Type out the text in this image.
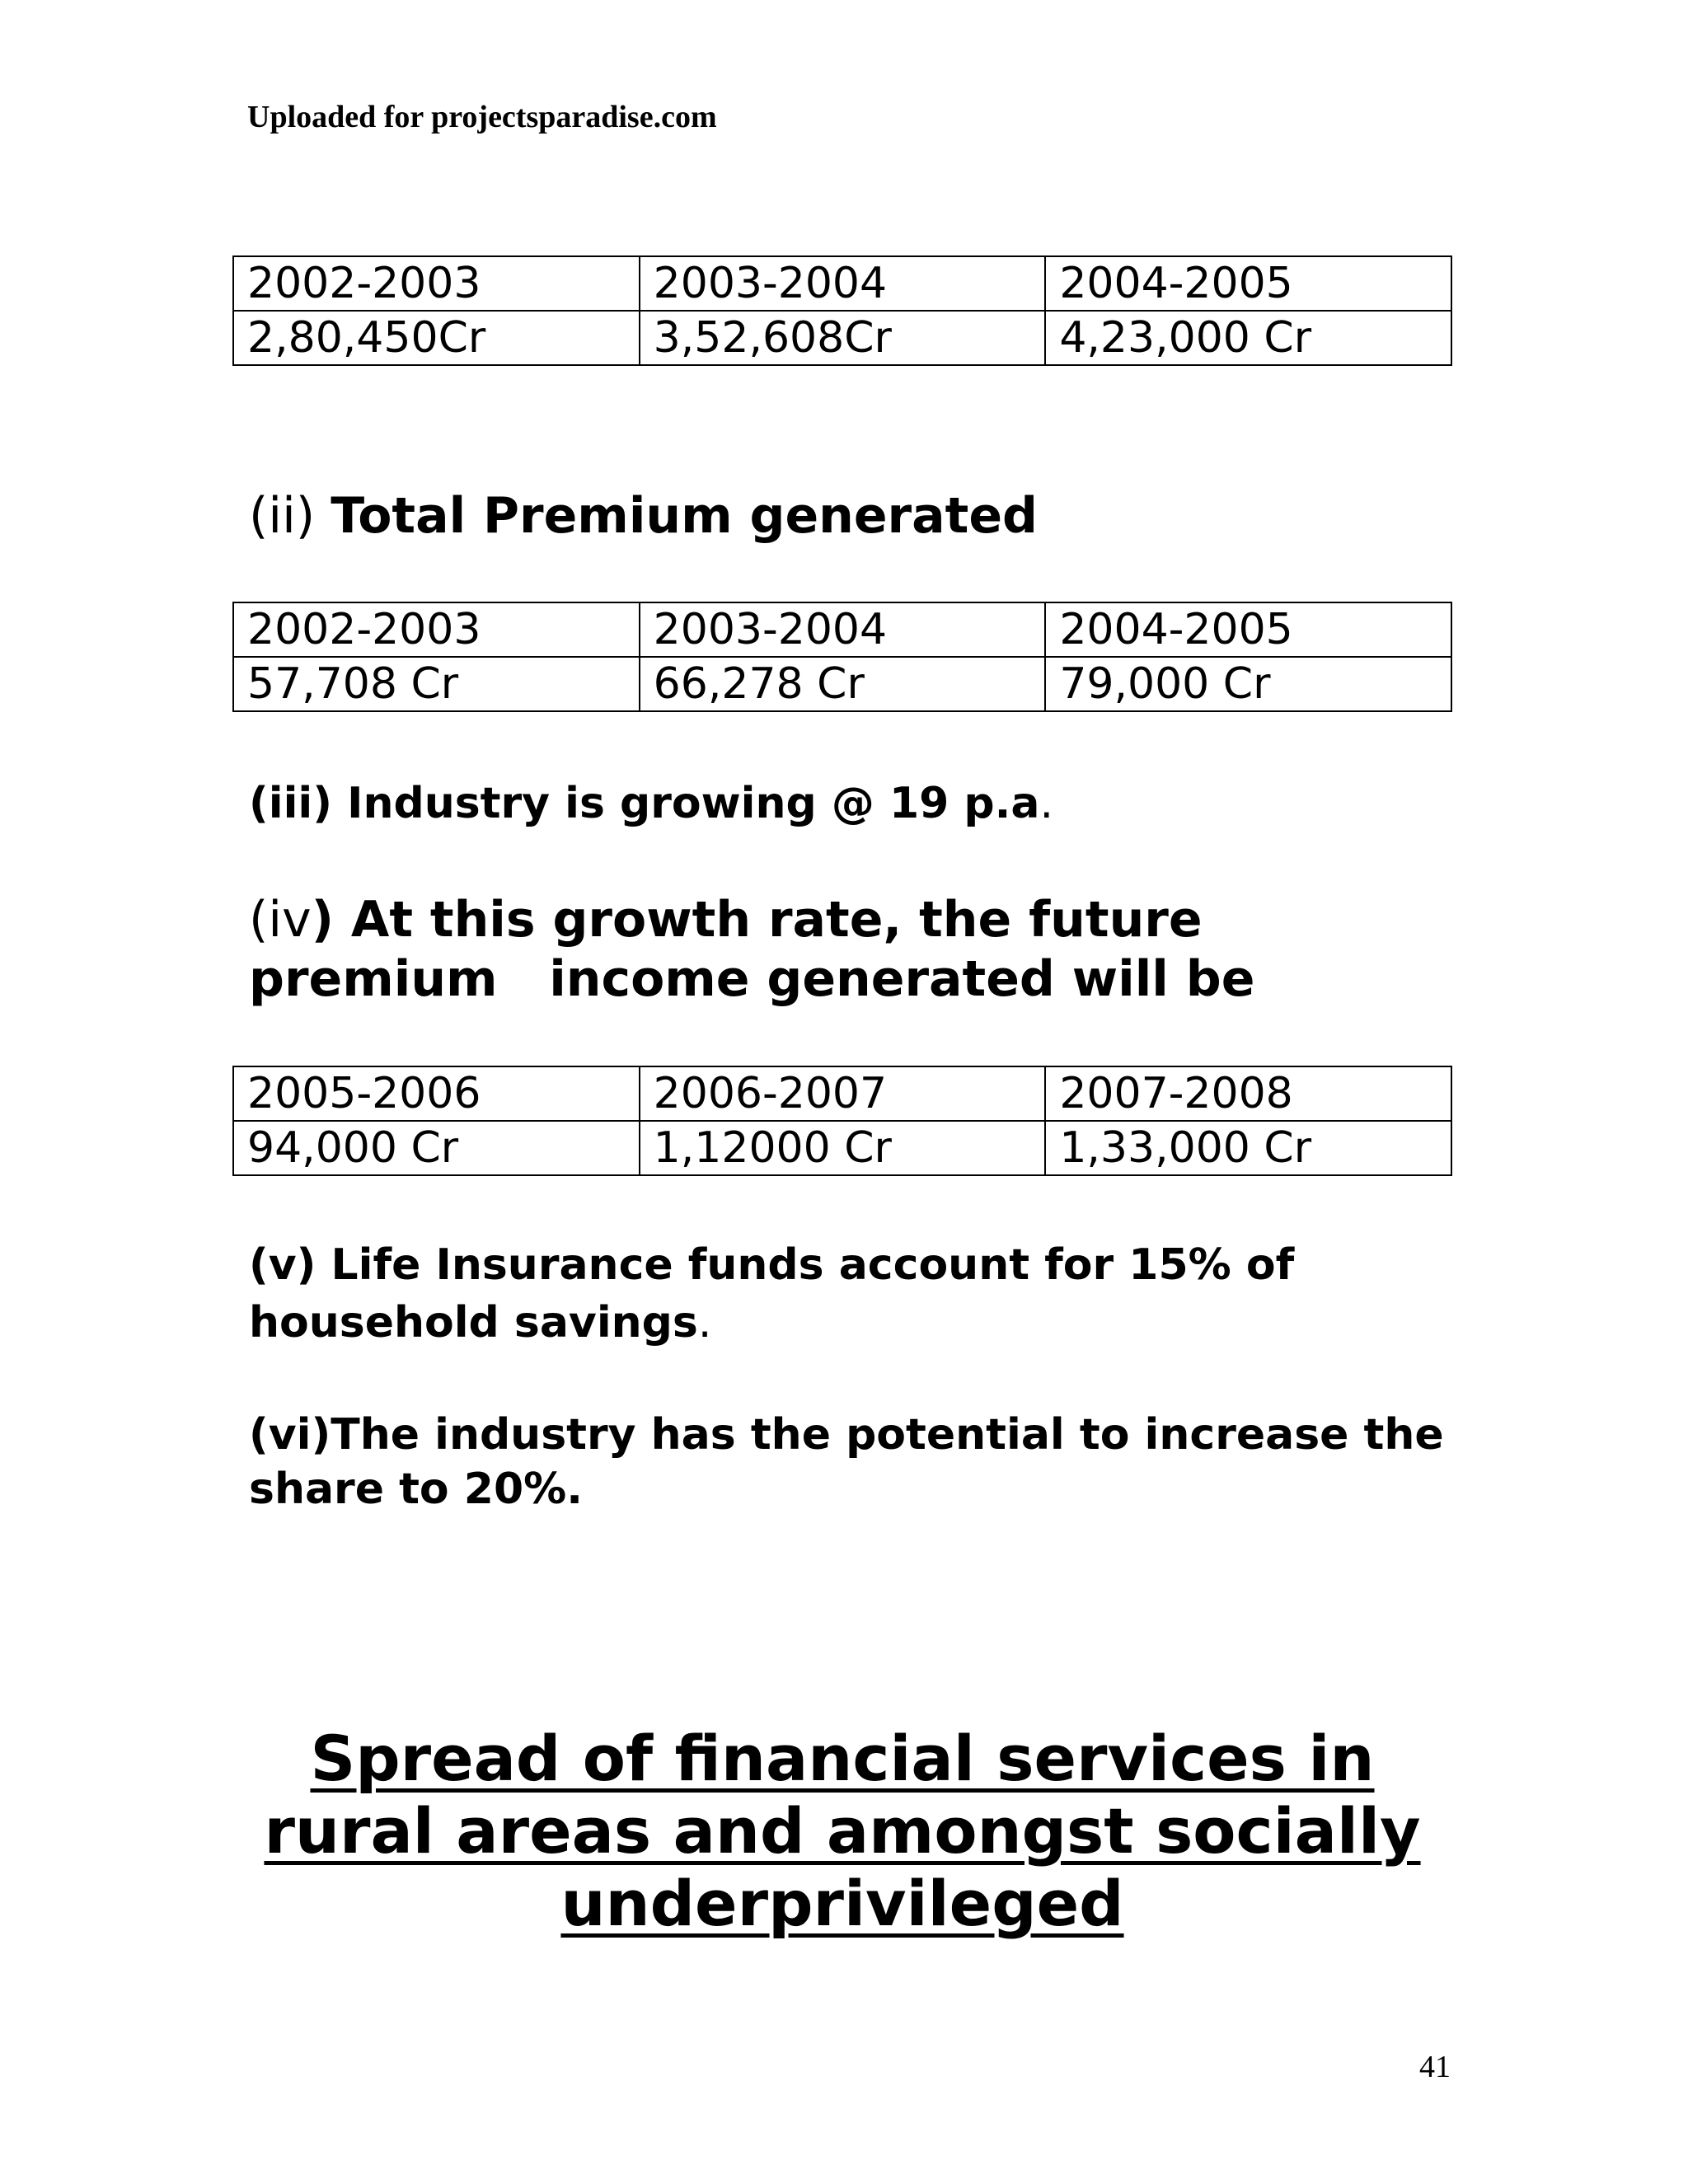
Uploaded for projectsparadise.com
2002-2003	2003-2004	2004-2005
2,80,450Cr	3,52,608Cr	4,23,000 Cr
(ii) Total Premium generated
2002-2003	2003-2004	2004-2005
57,708 Cr	66,278 Cr	79,000 Cr
(iii) Industry is growing @ 19 p.a.
(iv) At this growth rate, the future premium   income generated will be
2005-2006	2006-2007	2007-2008
94,000 Cr	1,12000 Cr	1,33,000 Cr
(v) Life Insurance funds account for 15% of household savings.
(vi)The industry has the potential to increase the share to 20%.
Spread of financial services in rural areas and amongst socially underprivileged
41
